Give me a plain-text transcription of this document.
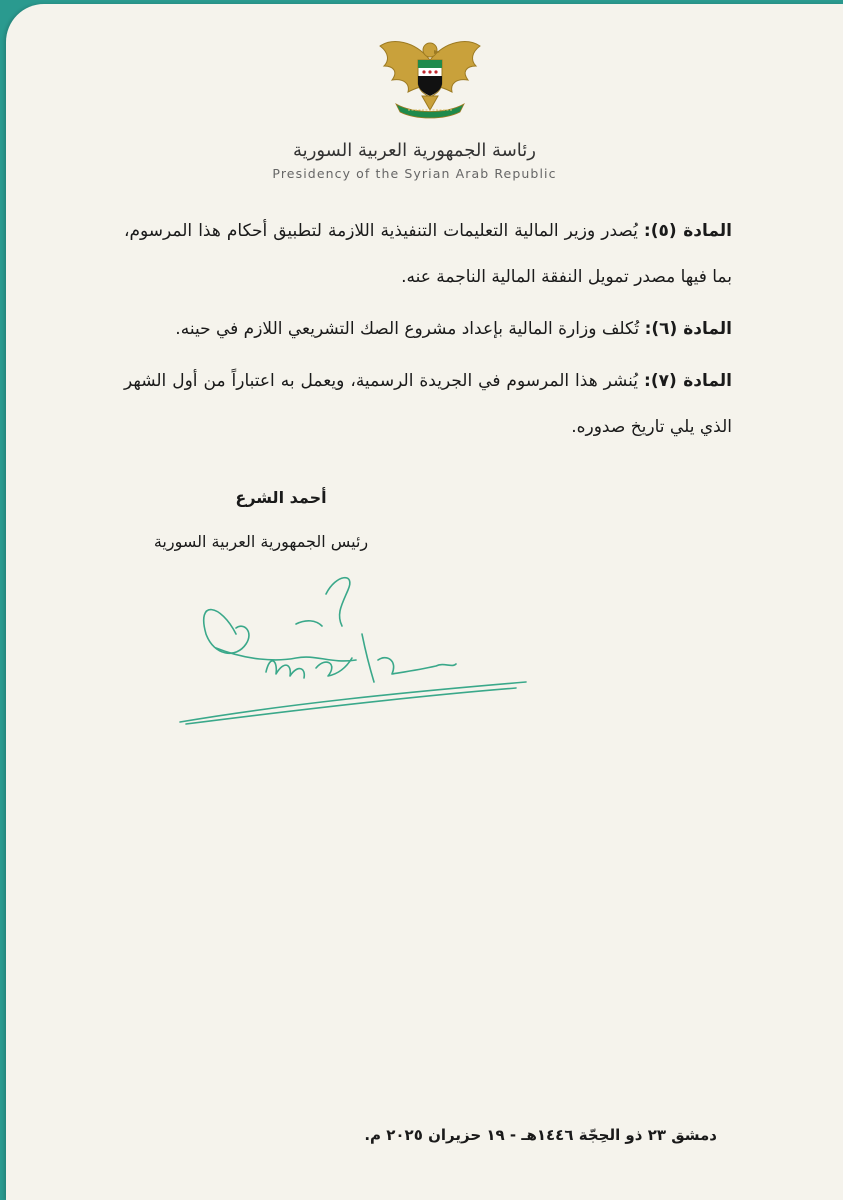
رئاسة الجمهورية العربية السورية
Presidency of the Syrian Arab Republic

المادة (٥): يُصدر وزير المالية التعليمات التنفيذية اللازمة لتطبيق أحكام هذا المرسوم، بما فيها مصدر تمويل النفقة المالية الناجمة عنه.

المادة (٦): تُكلف وزارة المالية بإعداد مشروع الصك التشريعي اللازم في حينه.

المادة (٧): يُنشر هذا المرسوم في الجريدة الرسمية، ويعمل به اعتباراً من أول الشهر الذي يلي تاريخ صدوره.

أحمد الشرع
رئيس الجمهورية العربية السورية
دمشق ٢٣ ذو الحِجّة ١٤٤٦هـ - ١٩ حزيران ٢٠٢٥ م.
